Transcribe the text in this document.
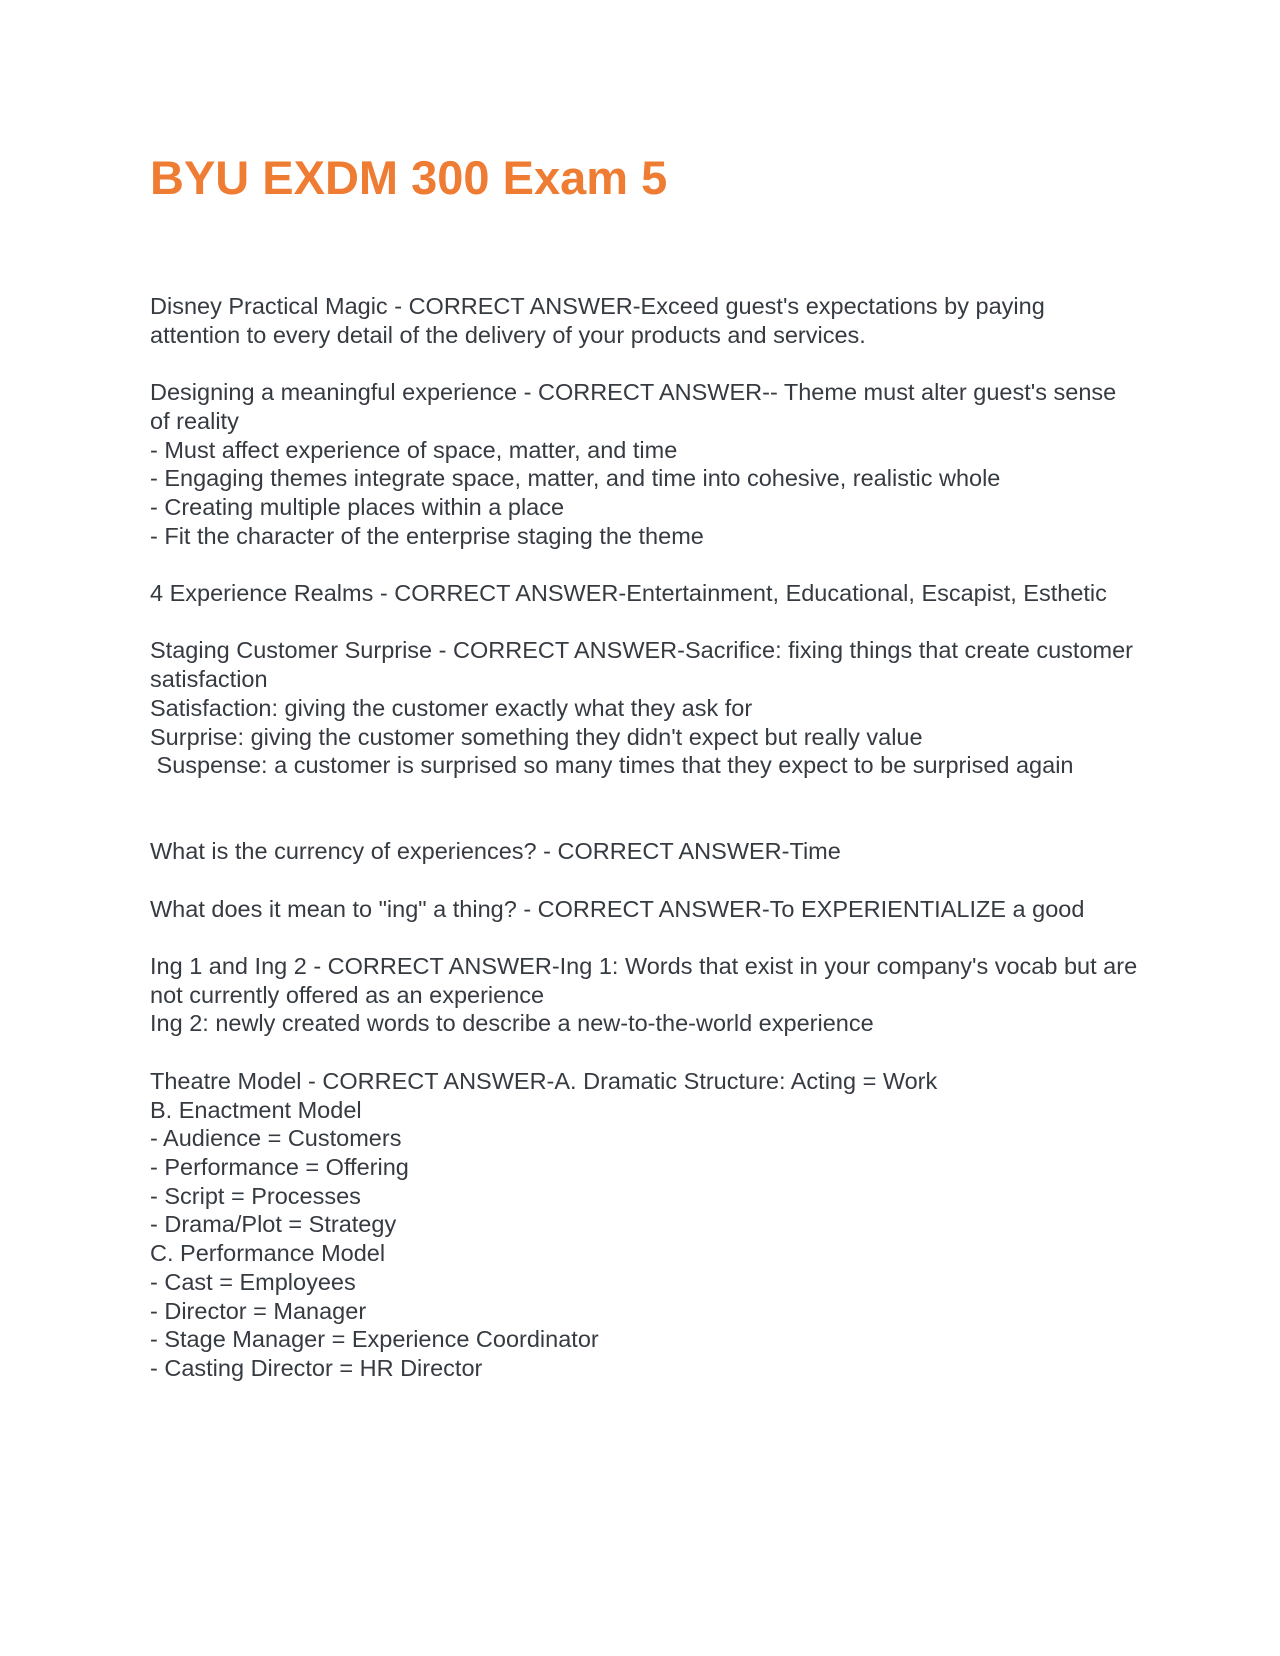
BYU EXDM 300 Exam 5
Disney Practical Magic - CORRECT ANSWER-Exceed guest's expectations by paying attention to every detail of the delivery of your products and services.
Designing a meaningful experience - CORRECT ANSWER-- Theme must alter guest's sense of reality
- Must affect experience of space, matter, and time
- Engaging themes integrate space, matter, and time into cohesive, realistic whole
- Creating multiple places within a place
- Fit the character of the enterprise staging the theme
4 Experience Realms - CORRECT ANSWER-Entertainment, Educational, Escapist, Esthetic
Staging Customer Surprise - CORRECT ANSWER-Sacrifice: fixing things that create customer satisfaction
Satisfaction: giving the customer exactly what they ask for
Surprise: giving the customer something they didn't expect but really value
Suspense: a customer is surprised so many times that they expect to be surprised again
What is the currency of experiences? - CORRECT ANSWER-Time
What does it mean to "ing" a thing? - CORRECT ANSWER-To EXPERIENTIALIZE a good
Ing 1 and Ing 2 - CORRECT ANSWER-Ing 1: Words that exist in your company's vocab but are not currently offered as an experience
Ing 2: newly created words to describe a new-to-the-world experience
Theatre Model - CORRECT ANSWER-A. Dramatic Structure: Acting = Work
B. Enactment Model
- Audience = Customers
- Performance = Offering
- Script = Processes
- Drama/Plot = Strategy
C. Performance Model
- Cast = Employees
- Director = Manager
- Stage Manager = Experience Coordinator
- Casting Director = HR Director
